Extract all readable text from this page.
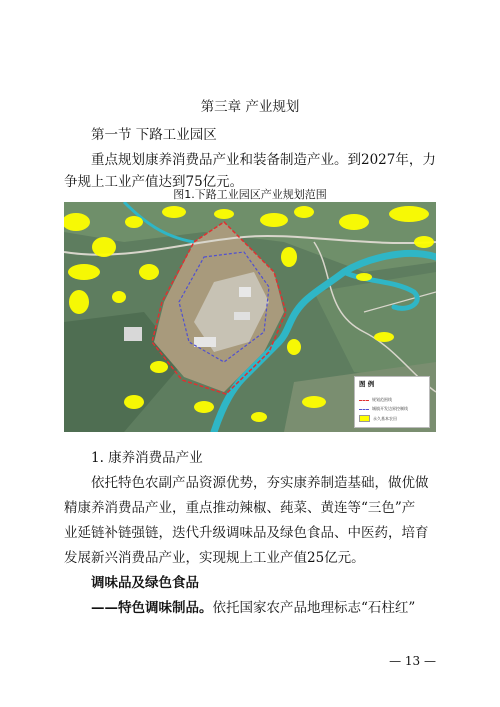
第三章 产业规划
第一节 下路工业园区
重点规划康养消费品产业和装备制造产业。到2027年，力
争规上工业产值达到75亿元。
图1.下路工业园区产业规划范围
图 例
规划范围线
城镇开发边界控制线
永久基本农田
1. 康养消费品产业
依托特色农副产品资源优势，夯实康养制造基础，做优做
精康养消费品产业，重点推动辣椒、莼菜、黄连等“三色”产
业延链补链强链，迭代升级调味品及绿色食品、中医药，培育
发展新兴消费品产业，实现规上工业产值25亿元。
调味品及绿色食品
——特色调味制品。依托国家农产品地理标志“石柱红”
— 13 —
